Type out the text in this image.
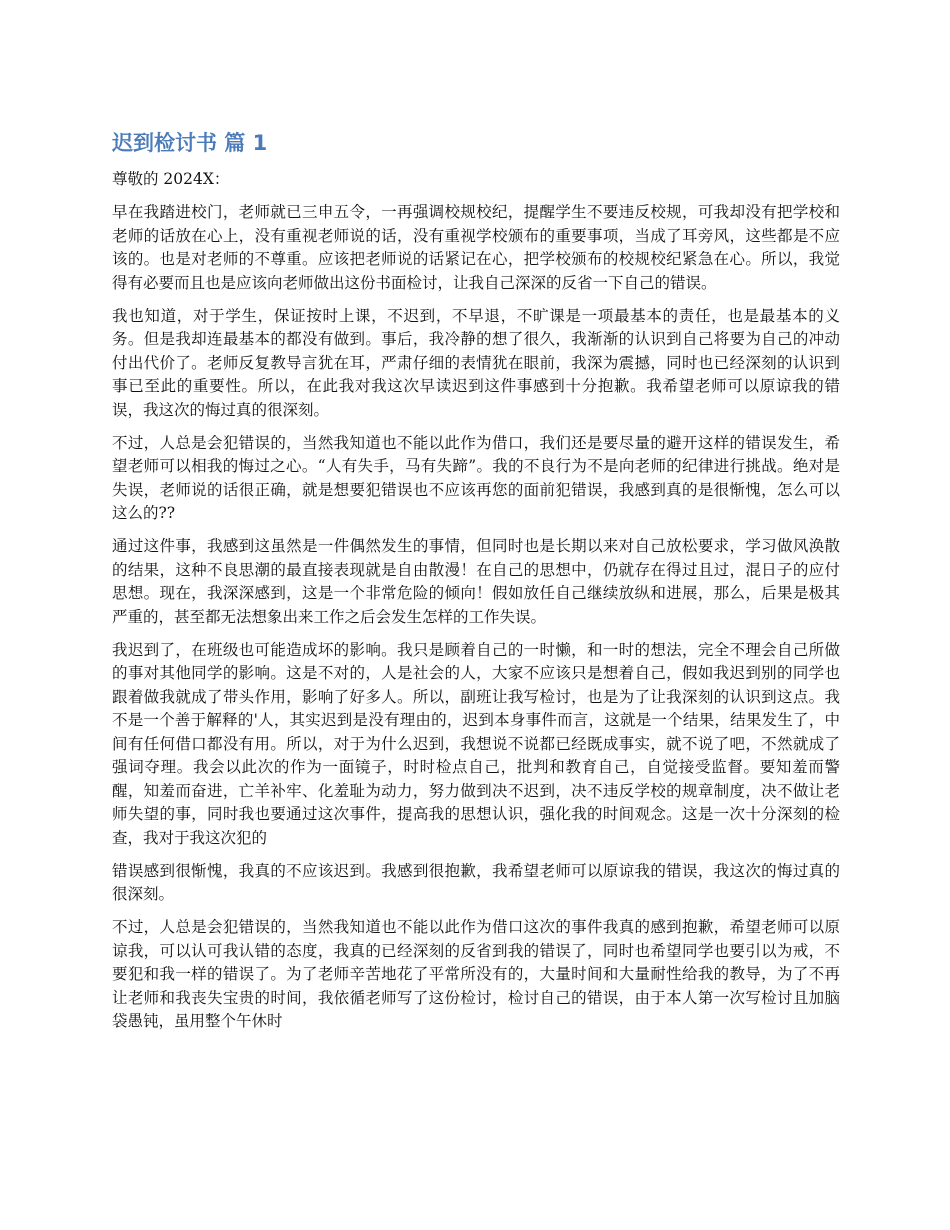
迟到检讨书 篇 1

尊敬的 2024X：

早在我踏进校门，老师就已三申五令，一再强调校规校纪，提醒学生不要违反校规，可我却没有把学校和老师的话放在心上，没有重视老师说的话，没有重视学校颁布的重要事项，当成了耳旁风，这些都是不应该的。也是对老师的不尊重。应该把老师说的话紧记在心，把学校颁布的校规校纪紧急在心。所以，我觉得有必要而且也是应该向老师做出这份书面检讨，让我自己深深的反省一下自己的错误。

我也知道，对于学生，保证按时上课，不迟到，不早退，不旷课是一项最基本的责任，也是最基本的义务。但是我却连最基本的都没有做到。事后，我冷静的想了很久，我渐渐的认识到自己将要为自己的冲动付出代价了。老师反复教导言犹在耳，严肃仔细的表情犹在眼前，我深为震撼，同时也已经深刻的认识到事已至此的重要性。所以，在此我对我这次早读迟到这件事感到十分抱歉。我希望老师可以原谅我的错误，我这次的悔过真的很深刻。

不过，人总是会犯错误的，当然我知道也不能以此作为借口，我们还是要尽量的避开这样的错误发生，希望老师可以相我的悔过之心。“人有失手，马有失蹄”。我的不良行为不是向老师的纪律进行挑战。绝对是失误，老师说的话很正确，就是想要犯错误也不应该再您的面前犯错误，我感到真的是很惭愧，怎么可以这么的??

通过这件事，我感到这虽然是一件偶然发生的事情，但同时也是长期以来对自己放松要求，学习做风涣散的结果，这种不良思潮的最直接表现就是自由散漫！在自己的思想中，仍就存在得过且过，混日子的应付思想。现在，我深深感到，这是一个非常危险的倾向！假如放任自己继续放纵和进展，那么，后果是极其严重的，甚至都无法想象出来工作之后会发生怎样的工作失误。

我迟到了，在班级也可能造成坏的影响。我只是顾着自己的一时懒，和一时的想法，完全不理会自己所做的事对其他同学的影响。这是不对的，人是社会的人，大家不应该只是想着自己，假如我迟到别的同学也跟着做我就成了带头作用，影响了好多人。所以，副班让我写检讨，也是为了让我深刻的认识到这点。我不是一个善于解释的'人，其实迟到是没有理由的，迟到本身事件而言，这就是一个结果，结果发生了，中间有任何借口都没有用。所以，对于为什么迟到，我想说不说都已经既成事实，就不说了吧，不然就成了强词夺理。我会以此次的作为一面镜子，时时检点自己，批判和教育自己，自觉接受监督。要知羞而警醒，知羞而奋进，亡羊补牢、化羞耻为动力，努力做到决不迟到，决不违反学校的规章制度，决不做让老师失望的事，同时我也要通过这次事件，提高我的思想认识，强化我的时间观念。这是一次十分深刻的检查，我对于我这次犯的

错误感到很惭愧，我真的不应该迟到。我感到很抱歉，我希望老师可以原谅我的错误，我这次的悔过真的很深刻。

不过，人总是会犯错误的，当然我知道也不能以此作为借口这次的事件我真的感到抱歉，希望老师可以原谅我，可以认可我认错的态度，我真的已经深刻的反省到我的错误了，同时也希望同学也要引以为戒，不要犯和我一样的错误了。为了老师辛苦地花了平常所没有的，大量时间和大量耐性给我的教导，为了不再让老师和我丧失宝贵的时间，我依循老师写了这份检讨，检讨自己的错误，由于本人第一次写检讨且加脑袋愚钝，虽用整个午休时
